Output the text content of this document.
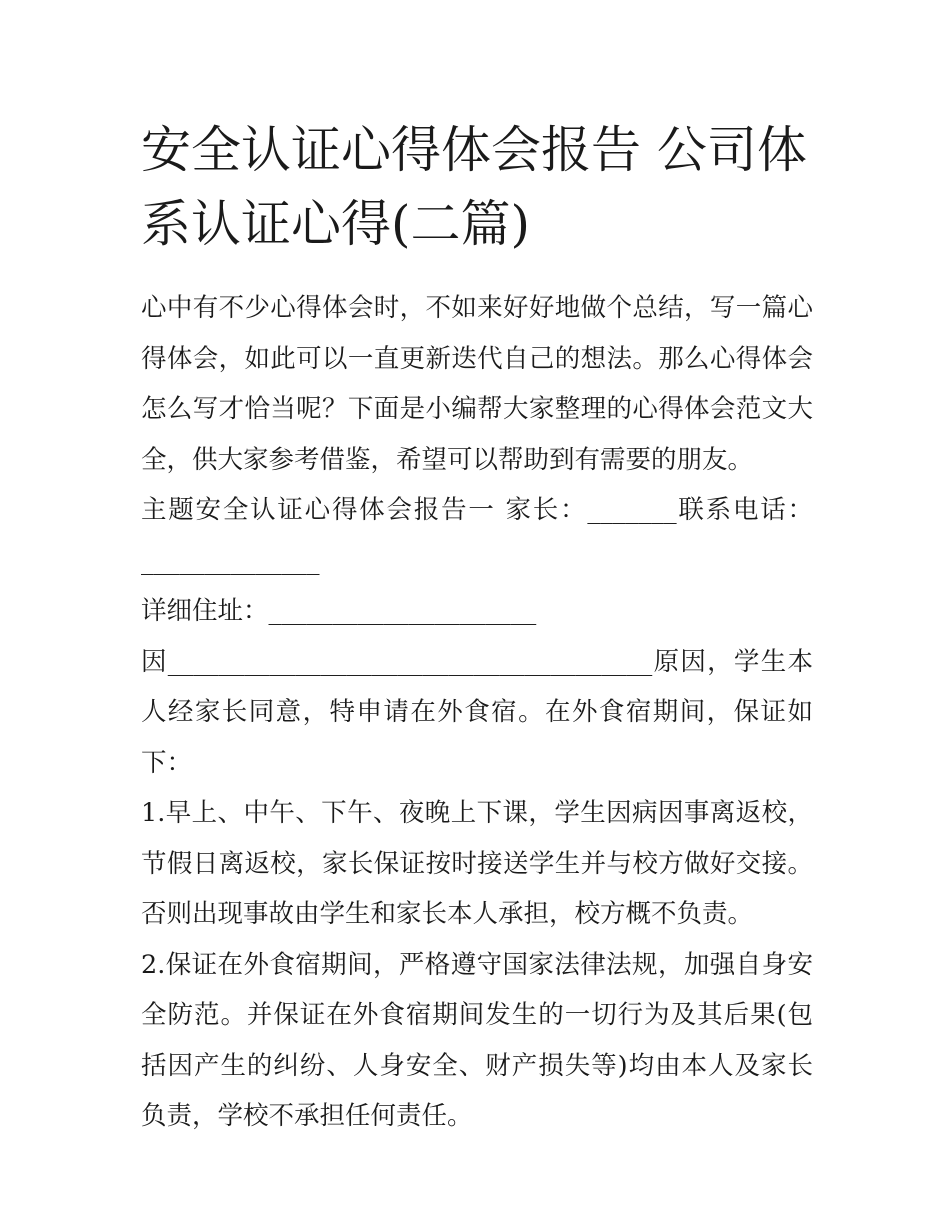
安全认证心得体会报告 公司体系认证心得(二篇)

心中有不少心得体会时，不如来好好地做个总结，写一篇心得体会，如此可以一直更新迭代自己的想法。那么心得体会怎么写才恰当呢？下面是小编帮大家整理的心得体会范文大全，供大家参考借鉴，希望可以帮助到有需要的朋友。

主题安全认证心得体会报告一 家长：_______联系电话：______________

详细住址：_____________________

因______________________________________原因，学生本人经家长同意，特申请在外食宿。在外食宿期间，保证如下：

1.早上、中午、下午、夜晚上下课，学生因病因事离返校，节假日离返校，家长保证按时接送学生并与校方做好交接。否则出现事故由学生和家长本人承担，校方概不负责。

2.保证在外食宿期间，严格遵守国家法律法规，加强自身安全防范。并保证在外食宿期间发生的一切行为及其后果(包括因产生的纠纷、人身安全、财产损失等)均由本人及家长负责，学校不承担任何责任。
